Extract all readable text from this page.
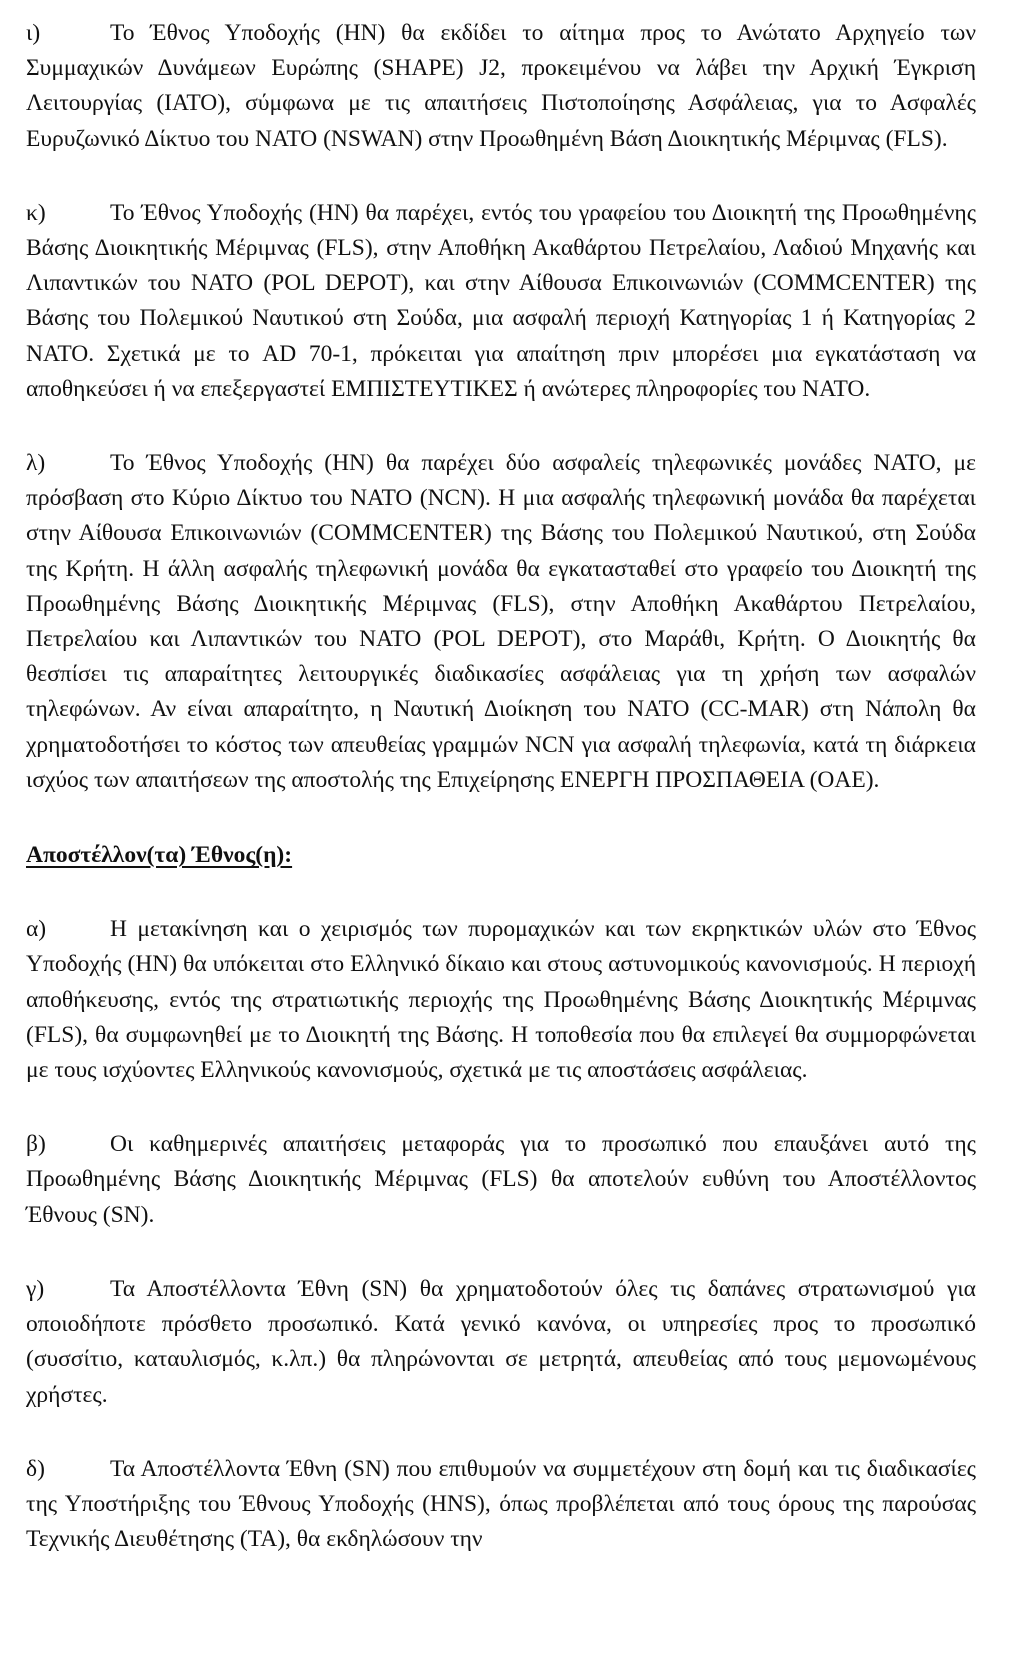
ι)	Το Έθνος Υποδοχής (HN) θα εκδίδει το αίτημα προς το Ανώτατο Αρχηγείο των Συμμαχικών Δυνάμεων Ευρώπης (SHAPE) J2, προκειμένου να λάβει την Αρχική Έγκριση Λειτουργίας (IATO), σύμφωνα με τις απαιτήσεις Πιστοποίησης Ασφάλειας, για το Ασφαλές Ευρυζωνικό Δίκτυο του NATO (NSWAN) στην Προωθημένη Βάση Διοικητικής Μέριμνας (FLS).

κ)	Το Έθνος Υποδοχής (HN) θα παρέχει, εντός του γραφείου του Διοικητή της Προωθημένης Βάσης Διοικητικής Μέριμνας (FLS), στην Αποθήκη Ακαθάρτου Πετρελαίου, Λαδιού Μηχανής και Λιπαντικών του NATO (POL DEPOT), και στην Αίθουσα Επικοινωνιών (COMMCENTER) της Βάσης του Πολεμικού Ναυτικού στη Σούδα, μια ασφαλή περιοχή Κατηγορίας 1 ή Κατηγορίας 2 NATO. Σχετικά με το AD 70-1, πρόκειται για απαίτηση πριν μπορέσει μια εγκατάσταση να αποθηκεύσει ή να επεξεργαστεί ΕΜΠΙΣΤΕΥΤΙΚΕΣ ή ανώτερες πληροφορίες του NATO.

λ)	Το Έθνος Υποδοχής (HN) θα παρέχει δύο ασφαλείς τηλεφωνικές μονάδες NATO, με πρόσβαση στο Κύριο Δίκτυο του NATO (NCN). Η μια ασφαλής τηλεφωνική μονάδα θα παρέχεται στην Αίθουσα Επικοινωνιών (COMMCENTER) της Βάσης του Πολεμικού Ναυτικού, στη Σούδα της Κρήτη. Η άλλη ασφαλής τηλεφωνική μονάδα θα εγκατασταθεί στο γραφείο του Διοικητή της Προωθημένης Βάσης Διοικητικής Μέριμνας (FLS), στην Αποθήκη Ακαθάρτου Πετρελαίου, Πετρελαίου και Λιπαντικών του NATO (POL DEPOT), στο Μαράθι, Κρήτη. Ο Διοικητής θα θεσπίσει τις απαραίτητες λειτουργικές διαδικασίες ασφάλειας για τη χρήση των ασφαλών τηλεφώνων. Αν είναι απαραίτητο, η Ναυτική Διοίκηση του NATO (CC-MAR) στη Νάπολη θα χρηματοδοτήσει το κόστος των απευθείας γραμμών NCN για ασφαλή τηλεφωνία, κατά τη διάρκεια ισχύος των απαιτήσεων της αποστολής της Επιχείρησης ΕΝΕΡΓΗ ΠΡΟΣΠΑΘΕΙΑ (OAE).

Αποστέλλον(τα) Έθνος(η):

α)	Η μετακίνηση και ο χειρισμός των πυρομαχικών και των εκρηκτικών υλών στο Έθνος Υποδοχής (HN) θα υπόκειται στο Ελληνικό δίκαιο και στους αστυνομικούς κανονισμούς. Η περιοχή αποθήκευσης, εντός της στρατιωτικής περιοχής της Προωθημένης Βάσης Διοικητικής Μέριμνας (FLS), θα συμφωνηθεί με το Διοικητή της Βάσης. Η τοποθεσία που θα επιλεγεί θα συμμορφώνεται με τους ισχύοντες Ελληνικούς κανονισμούς, σχετικά με τις αποστάσεις ασφάλειας.

β)	Οι καθημερινές απαιτήσεις μεταφοράς για το προσωπικό που επαυξάνει αυτό της Προωθημένης Βάσης Διοικητικής Μέριμνας (FLS) θα αποτελούν ευθύνη του Αποστέλλοντος Έθνους (SN).

γ)	Τα Αποστέλλοντα Έθνη (SN) θα χρηματοδοτούν όλες τις δαπάνες στρατωνισμού για οποιοδήποτε πρόσθετο προσωπικό. Κατά γενικό κανόνα, οι υπηρεσίες προς το προσωπικό (συσσίτιο, καταυλισμός, κ.λπ.) θα πληρώνονται σε μετρητά, απευθείας από τους μεμονωμένους χρήστες.

δ)	Τα Αποστέλλοντα Έθνη (SN) που επιθυμούν να συμμετέχουν στη δομή και τις διαδικασίες της Υποστήριξης του Έθνους Υποδοχής (HNS), όπως προβλέπεται από τους όρους της παρούσας Τεχνικής Διευθέτησης (TA), θα εκδηλώσουν την
